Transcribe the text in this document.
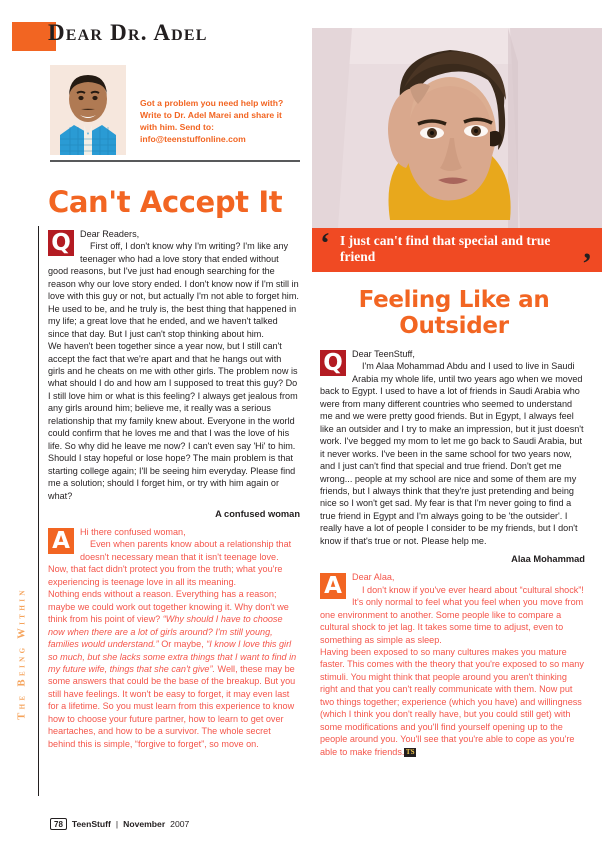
Dear Dr. Adel
Got a problem you need help with? Write to Dr. Adel Marei and share it with him. Send to: info@teenstuffonline.com
‘ I just can't find that special and true friend	’
Feeling Like an Outsider
Can't Accept It
Q	Dear Readers,

First off, I don't know why I'm writing? I'm like any teenager who had a love story that ended without good reasons, but I've just had enough searching for the reason why our love story ended. I don't know now if I'm still in love with this guy or not, but actually I'm not able to forget him. He used to be, and he truly is, the best thing that happened in my life; a great love that he ended, and we haven't talked since that day. But I just can't stop thinking about him.

We haven't been together since a year now, but I still can't accept the fact that we're apart and that he hangs out with girls and he cheats on me with other girls. The problem now is what should I do and how am I supposed to treat this guy? Do I still love him or what is this feeling? I always get jealous from any girls around him; believe me, it really was a serious relationship that my family knew about. Everyone in the world could confirm that he loves me and that I was the love of his life. So why did he leave me now? I can't even say 'Hi' to him. Should I stay hopeful or lose hope? The main problem is that starting college again; I'll be seeing him everyday. Please find me a solution; should I forget him, or try with him again or what?

A confused woman
A	Hi there confused woman,

Even when parents know about a relationship that doesn't necessary mean that it isn't teenage love. Now, that fact didn't protect you from the truth; what you're experiencing is teenage love in all its meaning.

Nothing ends without a reason. Everything has a reason; maybe we could work out together knowing it. Why don't we think from his point of view? “Why should I have to choose now when there are a lot of girls around? I'm still young, families would understand.” Or maybe, “I know I love this girl so much, but she lacks some extra things that I want to find in my future wife, things that she can't give”. Well, these may be some answers that could be the base of the breakup. But you still have feelings. It won't be easy to forget, it may even last for a lifetime. So you must learn from this experience to know how to choose your future partner, how to learn to get over heartaches, and how to be a survivor. The whole secret behind this is simple, “forgive to forget”, so move on.

Q	Dear TeenStuff,

I'm Alaa Mohammad Abdu and I used to live in Saudi Arabia my whole life, until two years ago when we moved back to Egypt. I used to have a lot of friends in Saudi Arabia who were from many different countries who seemed to understand me and we were pretty good friends. But in Egypt, I always feel like an outsider and I try to make an impression, but it just doesn't work. I've begged my mom to let me go back to Saudi Arabia, but it never works. I've been in the same school for two years now, and I just can't find that special and true friend. Don't get me wrong... people at my school are nice and some of them are my friends, but I always think that they're just pretending and being nice so I won't get sad. My fear is that I'm never going to find a true friend in Egypt and I'm always going to be 'the outsider'. I really have a lot of people I consider to be my friends, but I don't know if that's true or not. Please help me.

Alaa Mohammad
A	Dear Alaa,

I don't know if you've ever heard about “cultural shock”! It's only normal to feel what you feel when you move from one environment to another. Some people like to compare a cultural shock to jet lag. It takes some time to adjust, even to something as simple as sleep.

Having been exposed to so many cultures makes you mature faster. This comes with the theory that you're exposed to so many stimuli. You might think that people around you aren't thinking right and that you can't really communicate with them. Now put two things together; experience (which you have) and willingness (which I think you don't really have, but you could still get) with some modifications and you'll find yourself opening up to the people around you. You'll see that you're able to cope as you're able to make friends. TS

The Being Within
78	TeenStuff | November 2007
